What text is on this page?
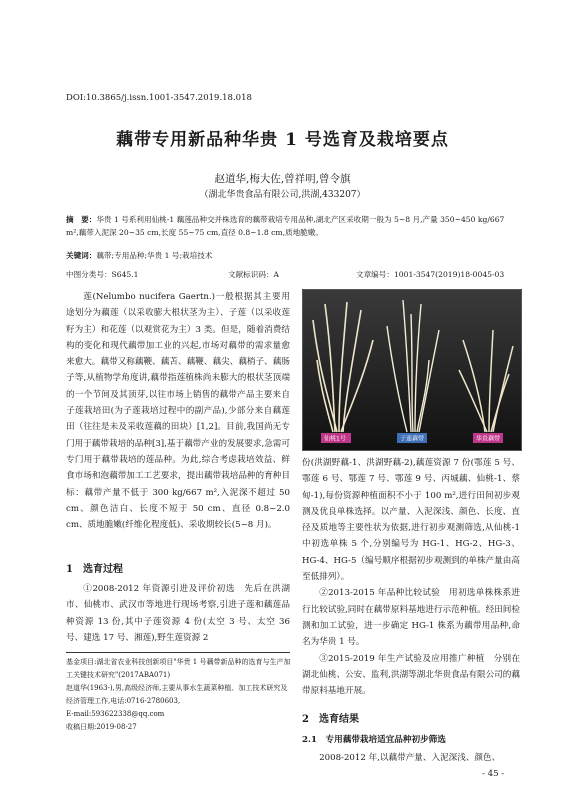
DOI:10.3865/j.issn.1001-3547.2019.18.018
藕带专用新品种华贵 1 号选育及栽培要点
赵道华,梅大佐,曾祥明,曾令旗
（湖北华贵食品有限公司,洪湖,433207）
摘　要：华贵 1 号系利用仙桃-1 藕莲品种交并株选育的藕带栽培专用品种,湖北产区采收期一般为 5~8 月,产量 350~450 kg/667 m²,藕带入泥深 20~35 cm,长度 55~75 cm,直径 0.8~1.8 cm,质地脆嫩。
关键词：藕带;专用品种;华贵 1 号;栽培技术
中图分类号：S645.1	文献标识码：A	文章编号：1001-3547(2019)18-0045-03

莲(Nelumbo nucifera Gaertn.)一般根据其主要用途划分为藕莲（以采收膨大根状茎为主）、子莲（以采收莲籽为主）和花莲（以观赏花为主）3 类。但是，随着消费结构的变化和现代藕带加工业的兴起,市场对藕带的需求量愈来愈大。藕带又称藕鞭、藕苫、藕鞭、藕尖、藕梢子、藕肠子等,从植物学角度讲,藕带指莲植株尚未膨大的根状茎顶端的一个节间及其顶芽,以往市场上销售的藕带产品主要来自子莲栽培田(为子莲栽培过程中的副产品),少部分来自藕莲田（往往是未及采收莲藕的田块）[1,2]。目前,我国尚无专门用于藕带栽培的品种[3],基于藕带产业的发展要求,急需可专门用于藕带栽培的莲品种。为此,综合考虑栽培效益、鲜食市场和泡藕带加工工艺要求，提出藕带栽培品种的育种目标：藕带产量不低于 300 kg/667 m²,入泥深不超过 50 cm、颜色洁白、长度不短于 50 cm、直径 0.8~2.0 cm、质地脆嫩(纤维化程度低)、采收期较长(5~8 月)。

1　选育过程

①2008-2012 年资源引进及评价初选　先后在洪湖市、仙桃市、武汉市等地进行现场考察,引进子莲和藕莲品种资源 13 份,其中子莲资源 4 份(太空 3 号、太空 36 号、建选 17 号、湘莲),野生莲资源 2

基金项目:湖北省农业科技创新项目"华贵 1 号藕带新品种的选育与生产加工关键技术研究"(2017ABA071)
赵道华(1963-),男,高级经济师,主要从事水生蔬菜种植、加工技术研究及经济管理工作,电话:0716-2780603,
E-mail:593622338@qq.com
收稿日期:2019-08-27
仙桃1号	子莲藕带	华贵藕带

份(洪湖野藕-1、洪湖野藕-2),藕莲资源 7 份(鄂莲 5 号、鄂莲 6 号、鄂莲 7 号、鄂莲 9 号、丙城藕、仙桃-1、蔡甸-1),每份资源种植面积不小于 100 m²,进行田间初步观测及优良单株选择。以产量、入泥深浅、颜色、长度、直径及质地等主要性状为依据,进行初步观测筛选,从仙桃-1 中初选单株 5 个,分别编号为 HG-1、HG-2、HG-3、HG-4、HG-5（编号顺序根据初步观测到的单株产量由高至低排列）。

②2013-2015 年品种比较试验　用初选单株株系进行比较试验,同时在藕带原料基地进行示范种植。经田间检测和加工试验，进一步确定 HG-1 株系为藕带用品种,命名为华贵 1 号。

③2015-2019 年生产试验及应用推广种植　分别在湖北仙桃、公安、监利,洪湖等湖北华贵食品有限公司的藕带原料基地开展。

2　选育结果
2.1　专用藕带栽培适宜品种初步筛选

2008-2012 年,以藕带产量、入泥深浅、颜色、

- 45 -
